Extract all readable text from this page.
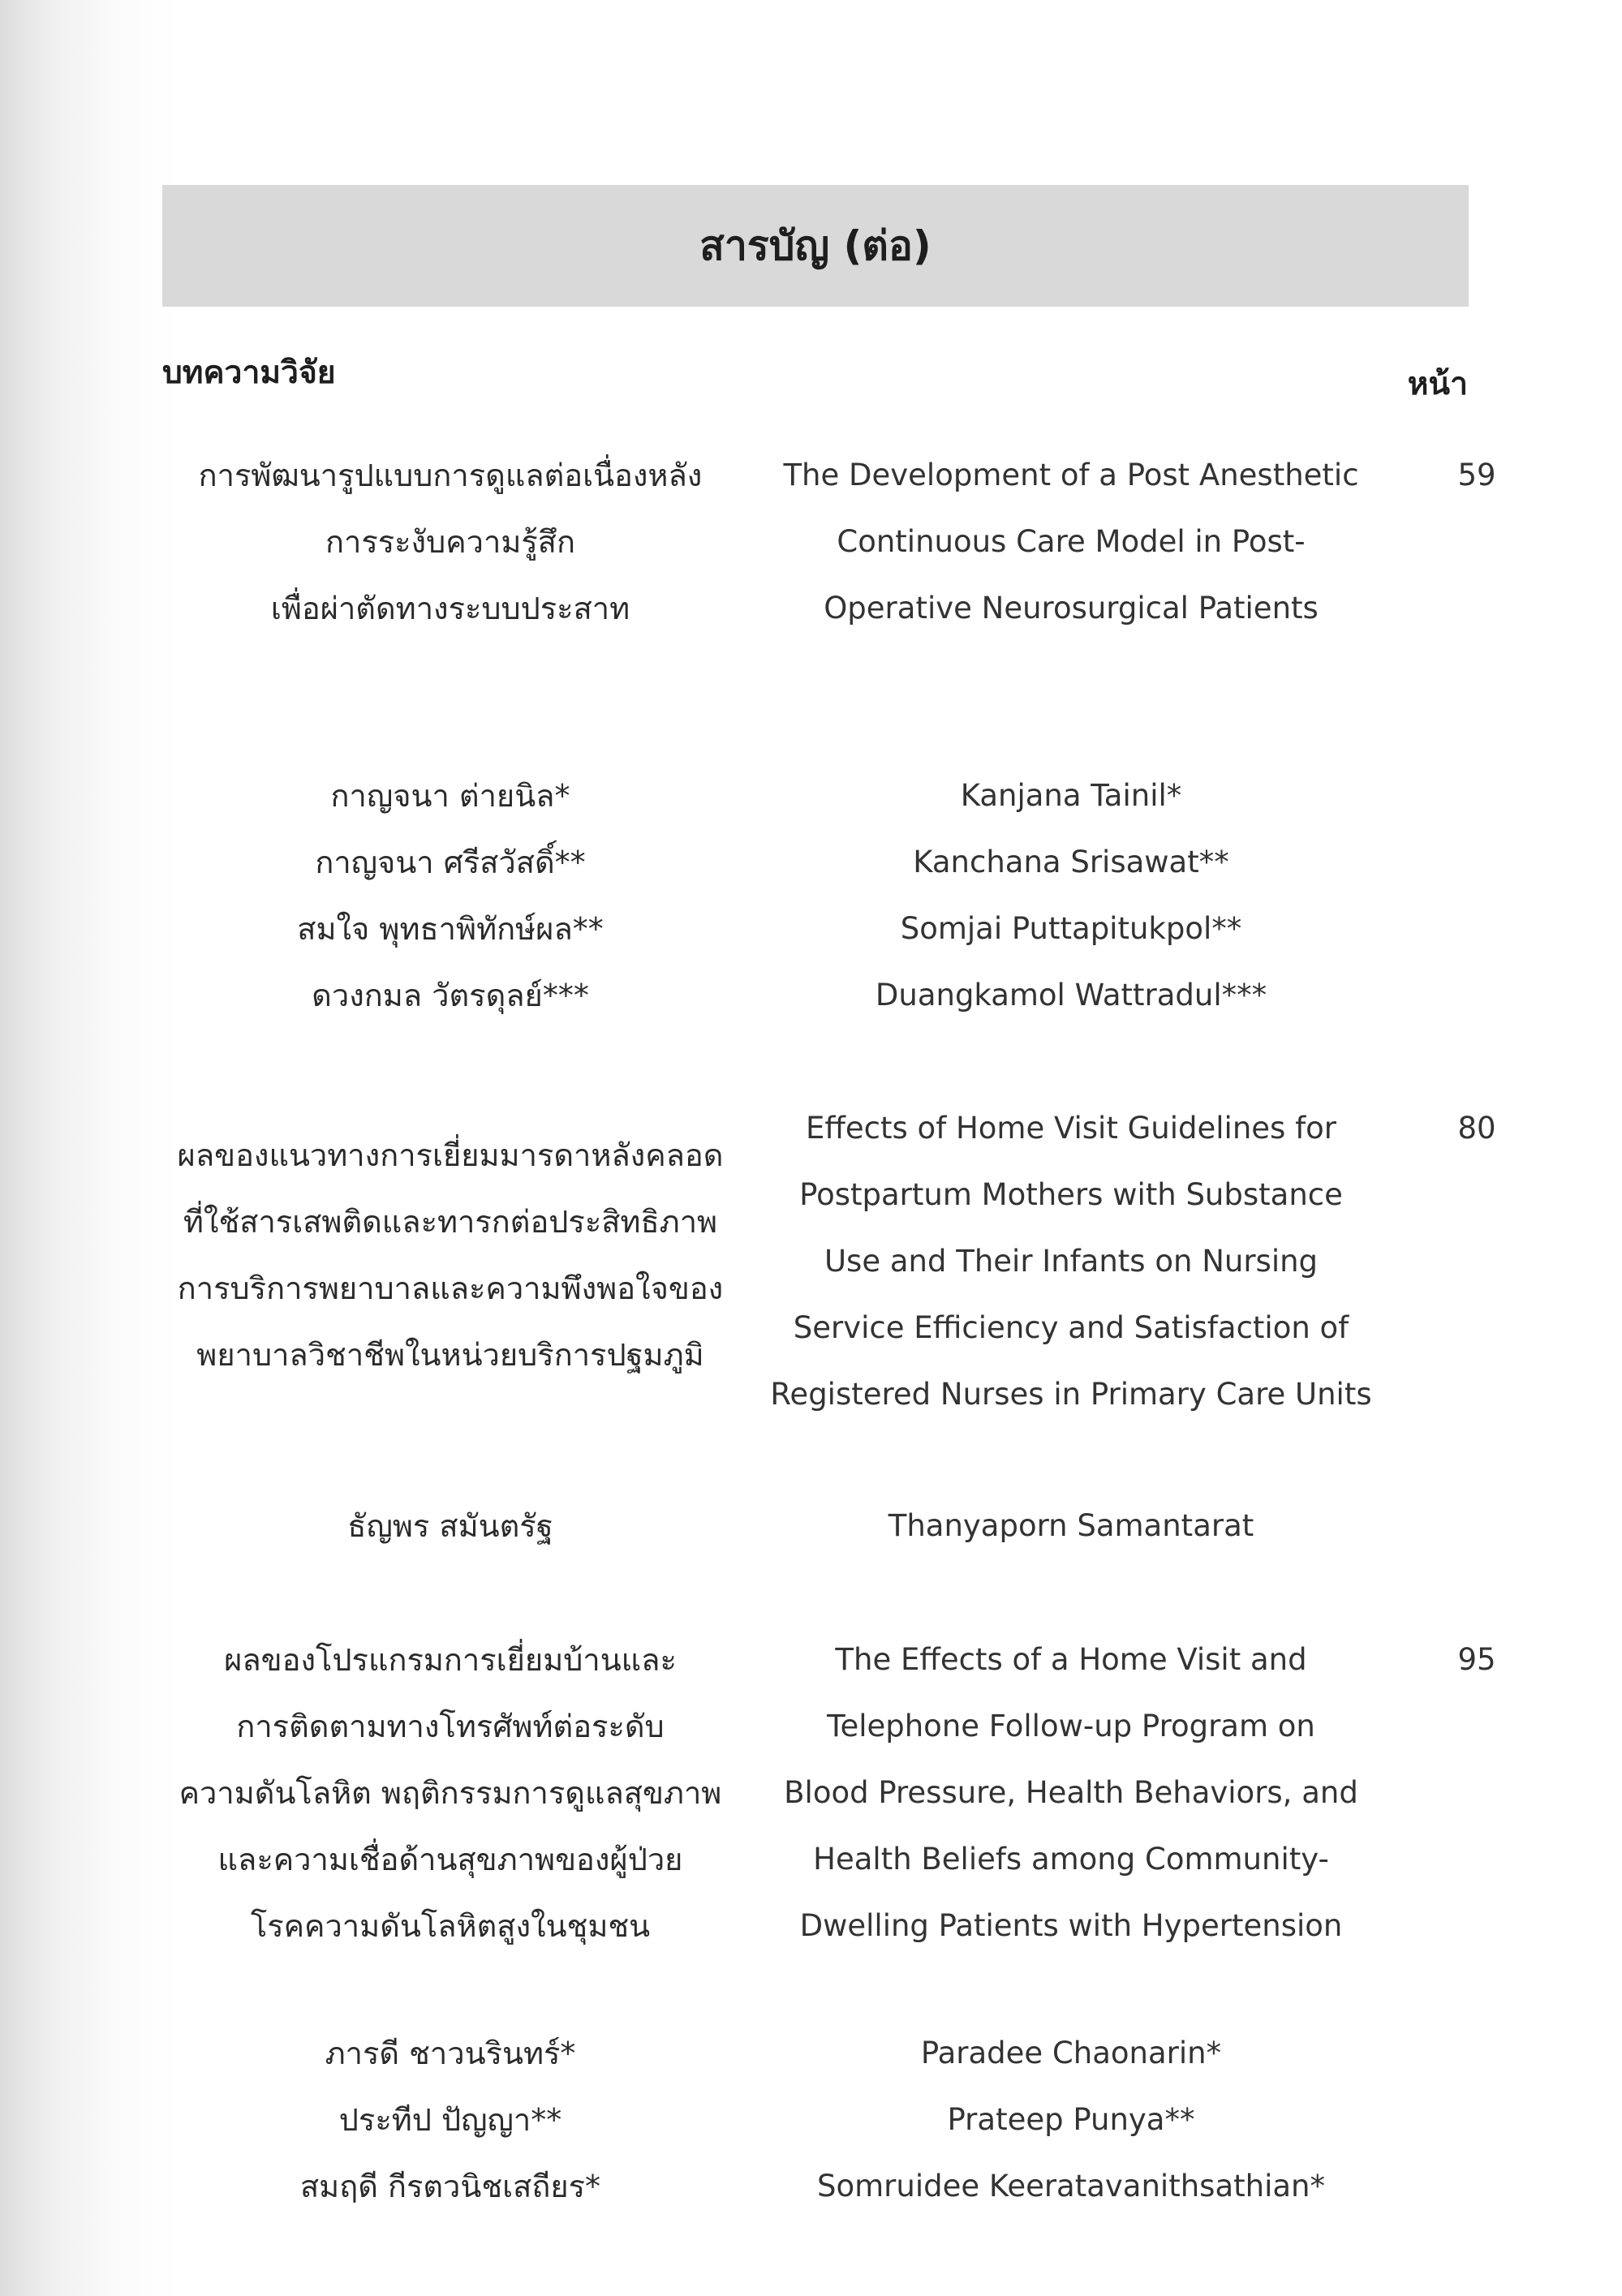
สารบัญ (ต่อ)
บทความวิจัย	หน้า
การพัฒนารูปแบบการดูแลต่อเนื่องหลัง
การระงับความรู้สึก
เพื่อผ่าตัดทางระบบประสาท
The Development of a Post Anesthetic
Continuous Care Model in Post-
Operative Neurosurgical Patients
59
กาญจนา ต่ายนิล*
กาญจนา ศรีสวัสดิ์**
สมใจ พุทธาพิทักษ์ผล**
ดวงกมล วัตรดุลย์***
Kanjana Tainil*
Kanchana Srisawat**
Somjai Puttapitukpol**
Duangkamol Wattradul***
ผลของแนวทางการเยี่ยมมารดาหลังคลอด
ที่ใช้สารเสพติดและทารกต่อประสิทธิภาพ
การบริการพยาบาลและความพึงพอใจของ
พยาบาลวิชาชีพในหน่วยบริการปฐมภูมิ
Effects of Home Visit Guidelines for
Postpartum Mothers with Substance
Use and Their Infants on Nursing
Service Efficiency and Satisfaction of
Registered Nurses in Primary Care Units
80
ธัญพร สมันตรัฐ	Thanyaporn Samantarat
ผลของโปรแกรมการเยี่ยมบ้านและ
การติดตามทางโทรศัพท์ต่อระดับ
ความดันโลหิต พฤติกรรมการดูแลสุขภาพ
และความเชื่อด้านสุขภาพของผู้ป่วย
โรคความดันโลหิตสูงในชุมชน
The Effects of a Home Visit and
Telephone Follow-up Program on
Blood Pressure, Health Behaviors, and
Health Beliefs among Community-
Dwelling Patients with Hypertension
95
ภารดี ชาวนรินทร์*
ประทีป ปัญญา**
สมฤดี กีรตวนิชเสถียร*
Paradee Chaonarin*
Prateep Punya**
Somruidee Keeratavanithsathian*
